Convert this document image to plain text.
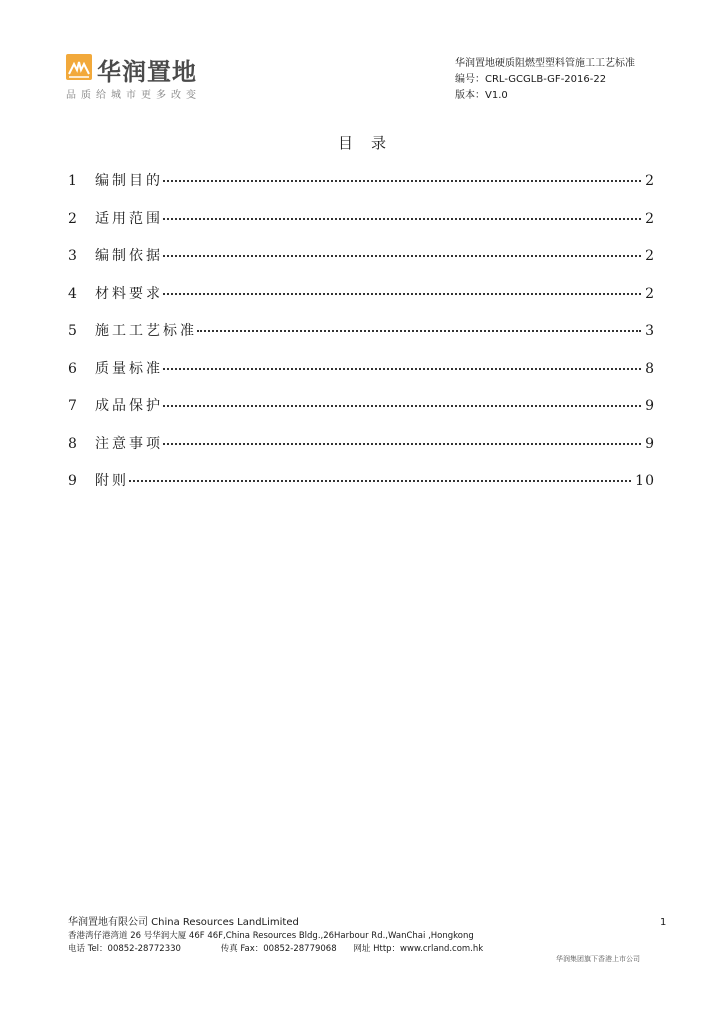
华润置地
品质给城市更多改变
华润置地硬质阻燃型塑料管施工工艺标准
编号：CRL-GCGLB-GF-2016-22
版本：V1.0
目录
1	编制目的	2
2	适用范围	2
3	编制依据	2
4	材料要求	2
5	施工工艺标准	3
6	质量标准	8
7	成品保护	9
8	注意事项	9
9	附则	10
1
华润置地有限公司 China Resources LandLimited
香港湾仔港湾道 26 号华润大厦 46F 46F,China Resources Bldg.,26Harbour Rd.,WanChai ,Hongkong
电话 Tel：00852-28772330	传真 Fax：00852-28779068 网址 Http：www.crland.com.hk
华润集团旗下香港上市公司
